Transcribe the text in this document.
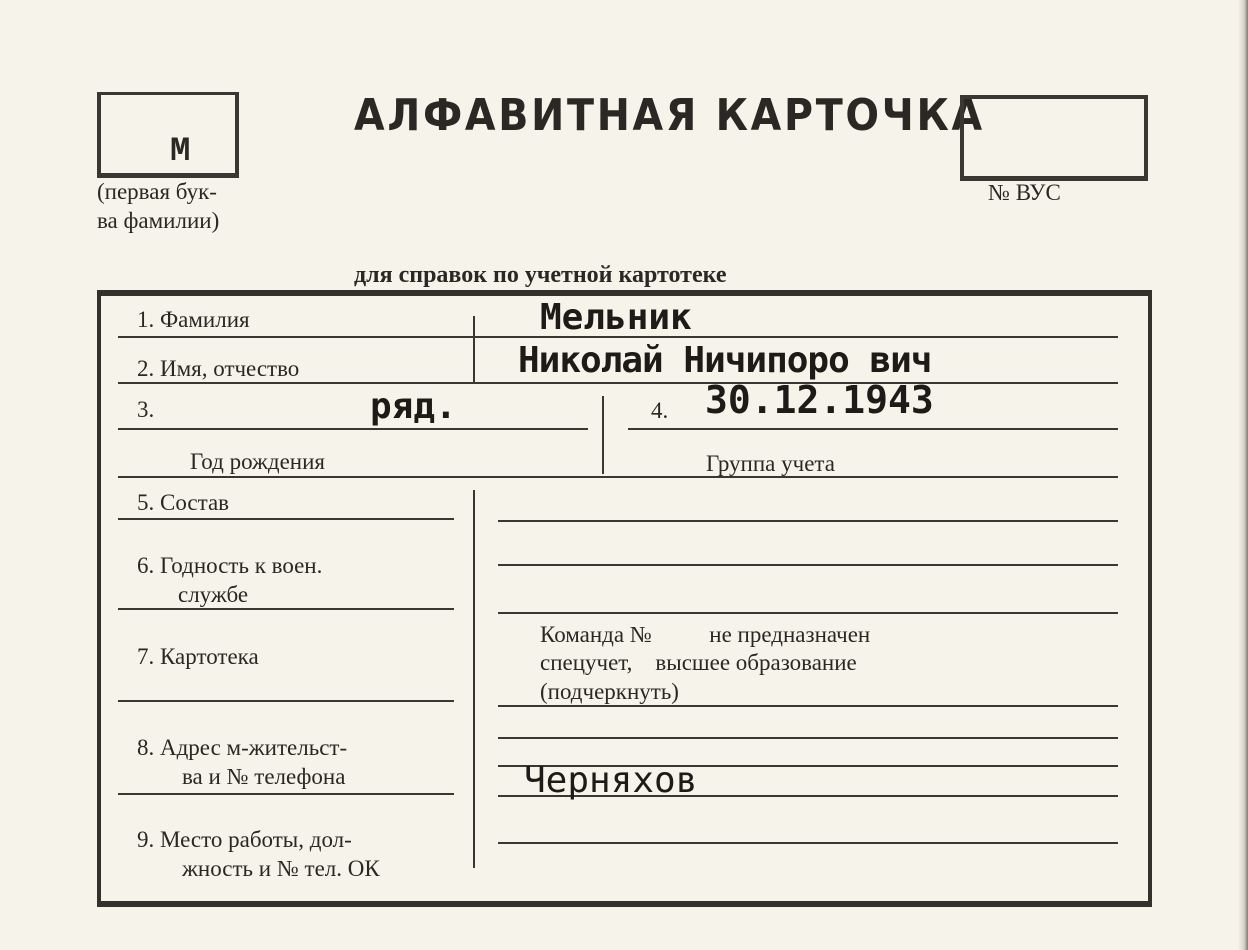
М
(первая бук-
ва фамилии)
АЛФАВИТНАЯ КАРТОЧКА
№ ВУС
для справок по учетной картотеке
1. Фамилия
2. Имя, отчество
3.
Год рождения
4.
Группа учета
5. Состав
6. Годность к воен.
службе
7. Картотека
Команда №          не предназначен
спецучет,    высшее образование
(подчеркнуть)
8. Адрес м-жительст-
ва и № телефона
9. Место работы, дол-
жность и № тел. ОК
Мельник
Николай Ничипоро вич
ряд.	30.12.1943
Черняхов
